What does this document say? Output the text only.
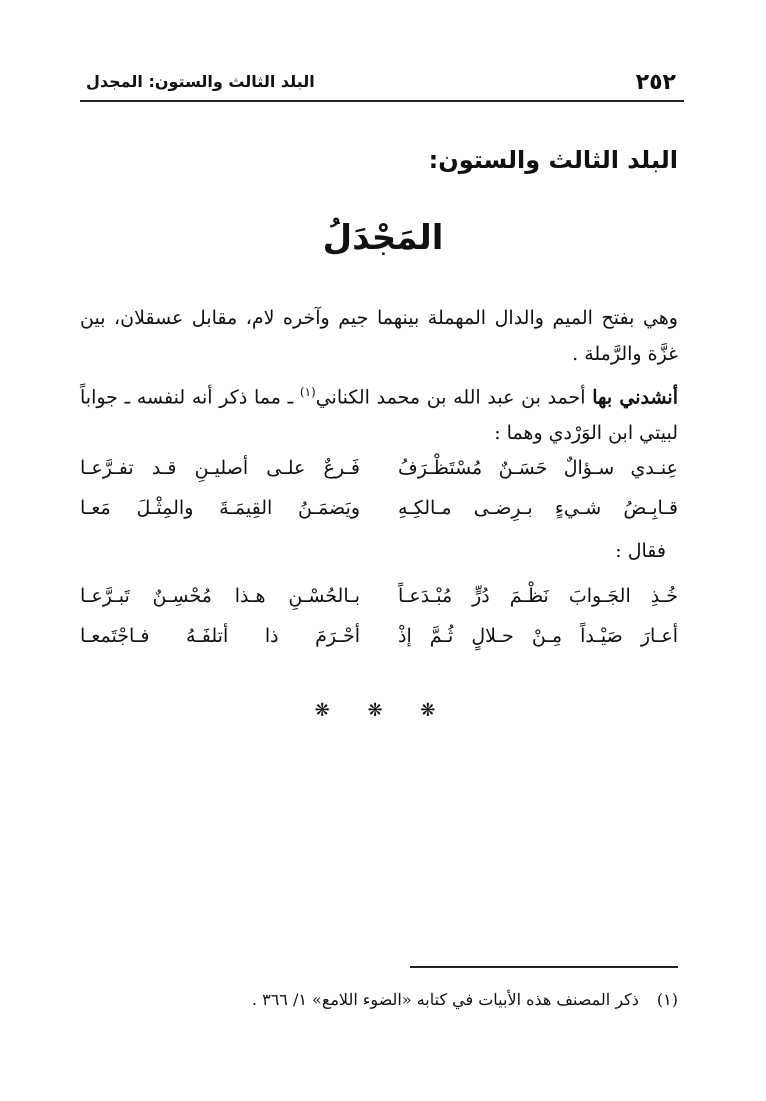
٢٥٢
البلد الثالث والستون: المجدل
البلد الثالث والستون:
المَجْدَلُ
وهي بفتح الميم والدال المهملة بينهما جيم وآخره لام، مقابل عسقلان، بين غزَّة والرَّملة .
أنشدني بها أحمد بن عبد الله بن محمد الكناني$^{(١)}$ ـ مما ذكر أنه لنفسه ـ جواباً لبيتي ابن الوَرْدي وهما :
عِنـدي سـؤالٌ حَسَـنٌ مُسْتَظْـرَفُ
فَـرعٌ علـى أصليـنِ قـد تفـرَّعـا
قـابِـضُ شـيءٍ بـرِضـى مـالكِـهِ
ويَضمَـنُ القِيمَـةَ والمِثْـلَ مَعـا
فقال :
خُـذِ الجَـوابَ نَظْـمَ دُرٍّ مُبْـدَعـاً
بـالحُسْـنِ هـذا مُحْسِـنٌ تَبـرَّعـا
أعـارَ صَيْـداً مِـنْ حـلالٍ ثُـمَّ إذْ
أحْـرَمَ ذا أتلفَـهُ فـاجْتَمعـا
❋ ❋ ❋
(١)ذكر المصنف هذه الأبيات في كتابه «الضوء اللامع» ١/ ٣٦٦ .
